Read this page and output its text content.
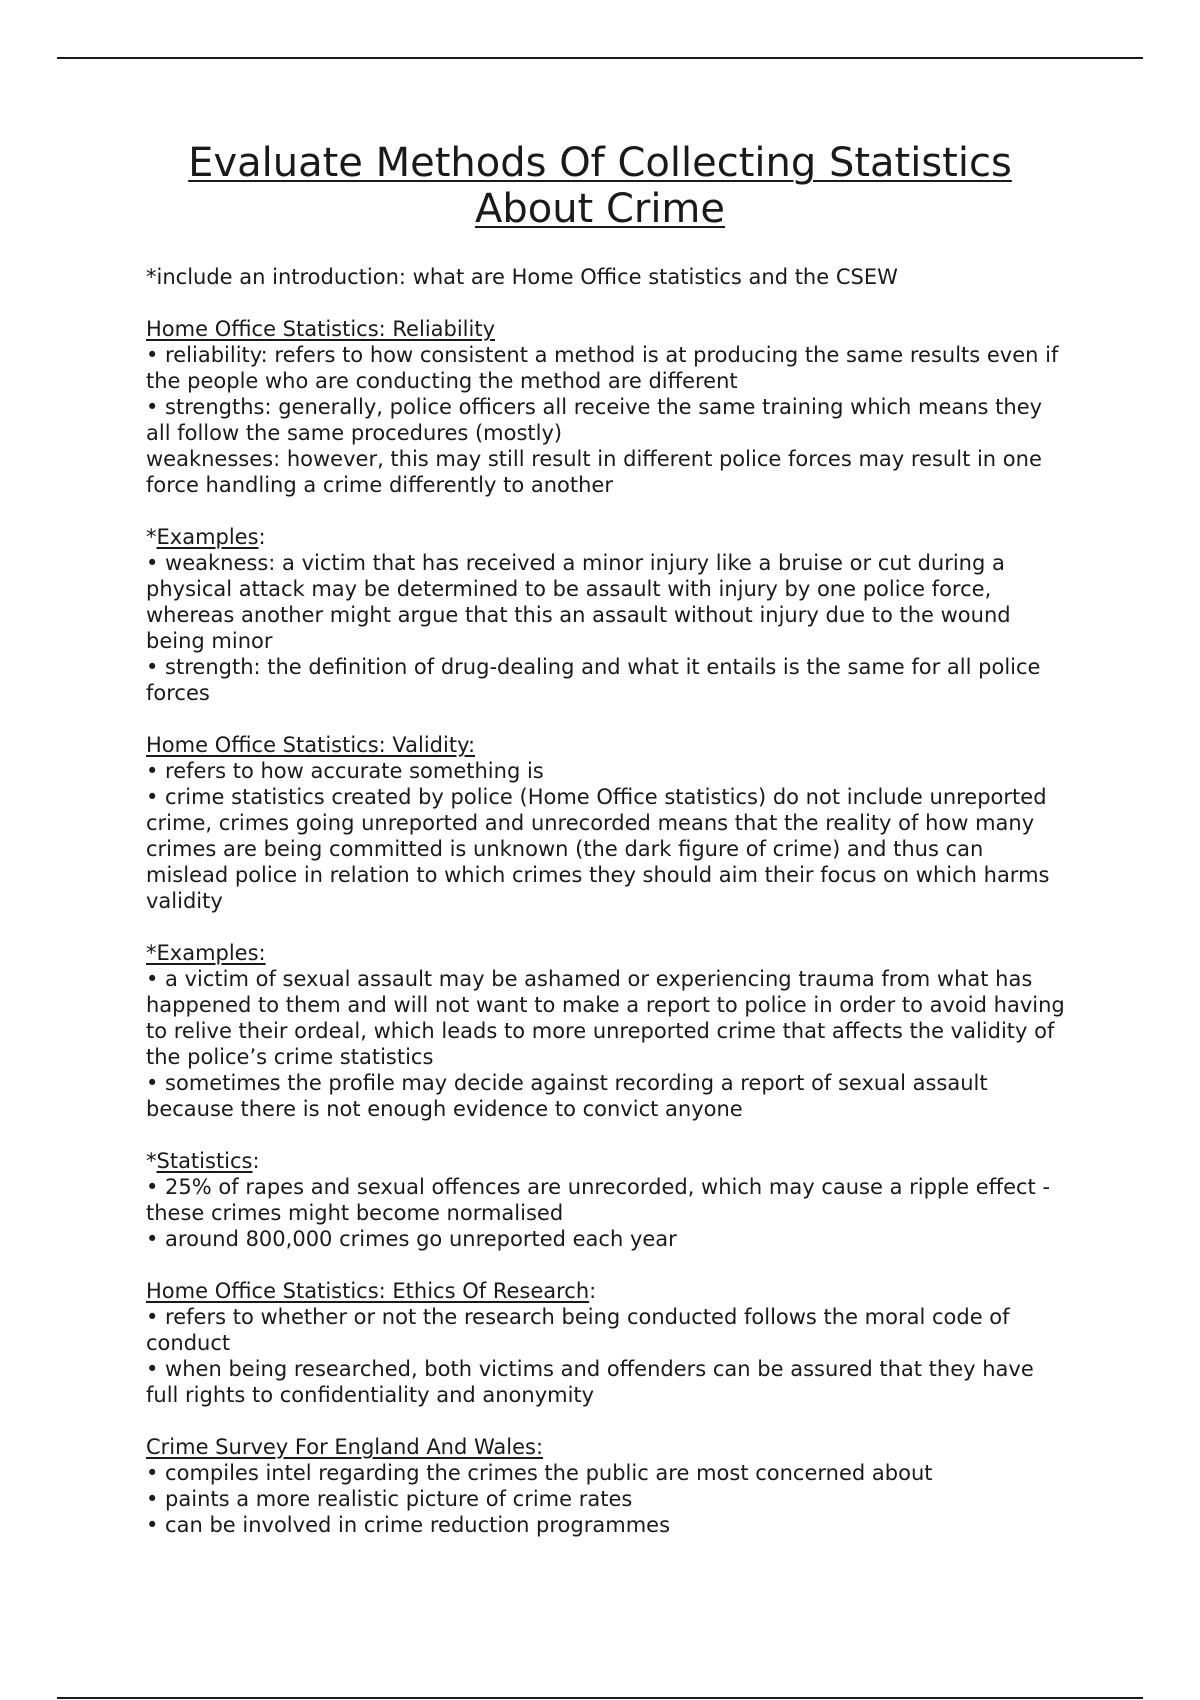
Evaluate Methods Of Collecting Statistics
About Crime

*include an introduction: what are Home Office statistics and the CSEW

Home Office Statistics: Reliability

• reliability: refers to how consistent a method is at producing the same results even if the people who are conducting the method are different

• strengths: generally, police officers all receive the same training which means they all follow the same procedures (mostly)

weaknesses: however, this may still result in different police forces may result in one force handling a crime differently to another

*Examples:

• weakness: a victim that has received a minor injury like a bruise or cut during a physical attack may be determined to be assault with injury by one police force, whereas another might argue that this an assault without injury due to the wound being minor

• strength: the definition of drug-dealing and what it entails is the same for all police forces

Home Office Statistics: Validity:

• refers to how accurate something is

• crime statistics created by police (Home Office statistics) do not include unreported crime, crimes going unreported and unrecorded means that the reality of how many crimes are being committed is unknown (the dark figure of crime) and thus can mislead police in relation to which crimes they should aim their focus on which harms validity

*Examples:

• a victim of sexual assault may be ashamed or experiencing trauma from what has happened to them and will not want to make a report to police in order to avoid having to relive their ordeal, which leads to more unreported crime that affects the validity of the police’s crime statistics

• sometimes the profile may decide against recording a report of sexual assault because there is not enough evidence to convict anyone

*Statistics:

• 25% of rapes and sexual offences are unrecorded, which may cause a ripple effect - these crimes might become normalised

• around 800,000 crimes go unreported each year

Home Office Statistics: Ethics Of Research:

• refers to whether or not the research being conducted follows the moral code of conduct

• when being researched, both victims and offenders can be assured that they have full rights to confidentiality and anonymity

Crime Survey For England And Wales:

• compiles intel regarding the crimes the public are most concerned about

• paints a more realistic picture of crime rates

• can be involved in crime reduction programmes
